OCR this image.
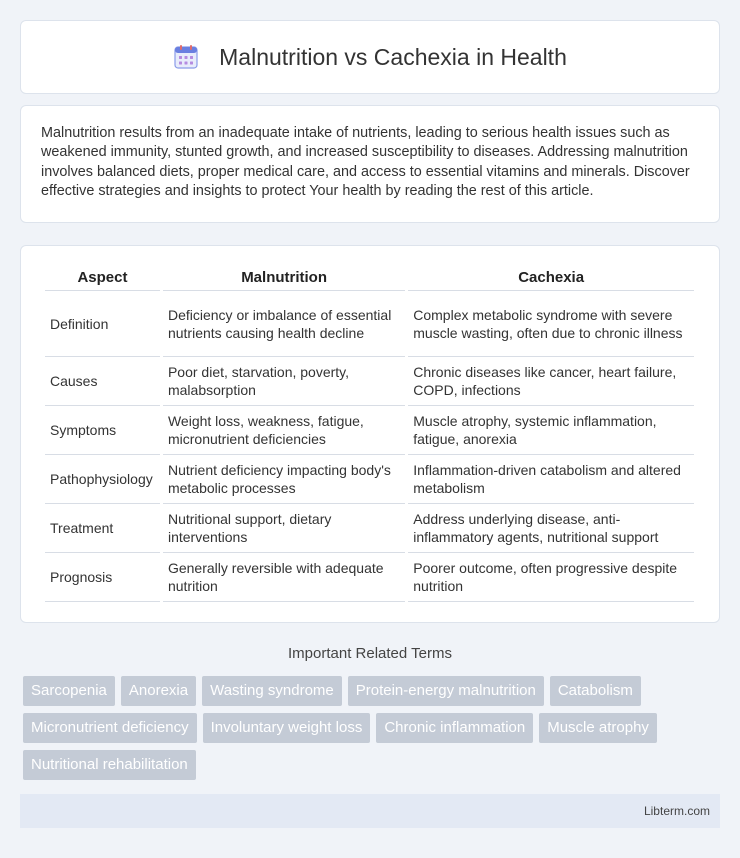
Malnutrition vs Cachexia in Health

Malnutrition results from an inadequate intake of nutrients, leading to serious health issues such as weakened immunity, stunted growth, and increased susceptibility to diseases. Addressing malnutrition involves balanced diets, proper medical care, and access to essential vitamins and minerals. Discover effective strategies and insights to protect Your health by reading the rest of this article.

Aspect	Malnutrition	Cachexia
Definition	Deficiency or imbalance of essential nutrients causing health decline	Complex metabolic syndrome with severe muscle wasting, often due to chronic illness
Causes	Poor diet, starvation, poverty, malabsorption	Chronic diseases like cancer, heart failure, COPD, infections
Symptoms	Weight loss, weakness, fatigue, micronutrient deficiencies	Muscle atrophy, systemic inflammation, fatigue, anorexia
Pathophysiology	Nutrient deficiency impacting body's metabolic processes	Inflammation-driven catabolism and altered metabolism
Treatment	Nutritional support, dietary interventions	Address underlying disease, anti-inflammatory agents, nutritional support
Prognosis	Generally reversible with adequate nutrition	Poorer outcome, often progressive despite nutrition
Important Related Terms
Sarcopenia	Anorexia	Wasting syndrome	Protein-energy malnutrition	Catabolism
Micronutrient deficiency	Involuntary weight loss	Chronic inflammation	Muscle atrophy
Nutritional rehabilitation
Libterm.com
